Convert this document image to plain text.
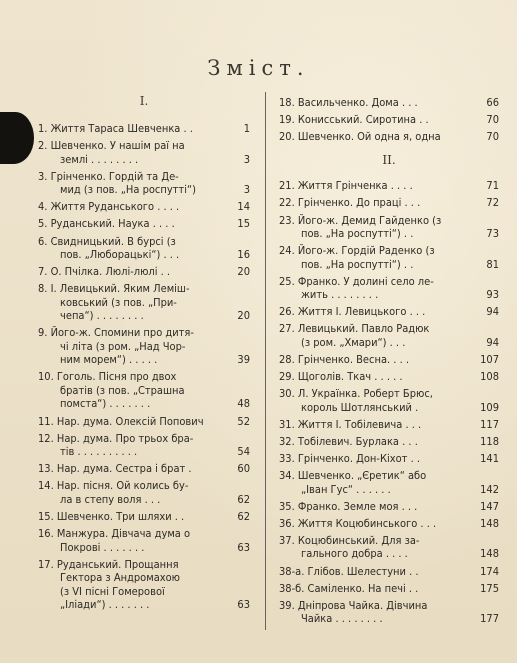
Зміст.
I.
1. Життя Тараса Шевченка . .	1
2. Шевченко. У нашім раї на
землі . . . . . . . .	3
3. Грінченко. Гордій та Де-
мид (з пов. „На роспутті“)	3
4. Життя Руданського . . . .	14
5. Руданський. Наука . . . .	15
6. Свидницький. В бурсі (з
пов. „Люборацькі“) . . .	16
7. О. Пчілка. Люлі-люлі . .	20
8. І. Левицький. Яким Леміш-
ковський (з пов. „При-
чепа“) . . . . . . . .	20
9. Його-ж. Спомини про дитя-
чі літа (з ром. „Над Чор-
ним морем“) . . . . .	39
10. Гоголь. Пісня про двох
братів (з пов. „Страшна
помста“) . . . . . . .	48
11. Нар. дума. Олексій Попович	52
12. Нар. дума. Про трьох бра-
тів . . . . . . . . . .	54
13. Нар. дума. Сестра і брат .	60
14. Нар. пісня. Ой колись бу-
ла в степу воля . . .	62
15. Шевченко. Три шляхи . .	62
16. Манжура. Дівчача дума о
Покрові . . . . . . .	63
17. Руданський. Прощання
Гектора з Андромахою
(з VI пісні Гомерової
„Іліади“) . . . . . . .	63
II.
18. Васильченко. Дома . . .	66
19. Конисський. Сиротина . .	70
20. Шевченко. Ой одна я, одна	70
21. Життя Грінченка . . . .	71
22. Грінченко. До праці . . .	72
23. Його-ж. Демид Гайденко (з
пов. „На роспутті“) . .	73
24. Його-ж. Гордій Раденко (з
пов. „На роспутті“) . .	81
25. Франко. У долині село ле-
жить . . . . . . . .	93
26. Життя І. Левицького . . .	94
27. Левицький. Павло Радюк
(з ром. „Хмари“) . . .	94
28. Грінченко. Весна. . . .	107
29. Щоголів. Ткач . . . . .	108
30. Л. Українка. Роберт Брюс,
король Шотлянський .	109
31. Життя І. Тобілевича . . .	117
32. Тобілевич. Бурлака . . .	118
33. Грінченко. Дон-Кіхот . .	141
34. Шевченко. „Єретик“ або
„Іван Гус“ . . . . . .	142
35. Франко. Земле моя . . .	147
36. Життя Коцюбинського . . .	148
37. Коцюбинський. Для за-
гального добра . . . .	148
38-а. Глібов. Шелестуни . .	174
38-б. Саміленко. На печі . .	175
39. Дніпрова Чайка. Дівчина
Чайка . . . . . . . .	177
